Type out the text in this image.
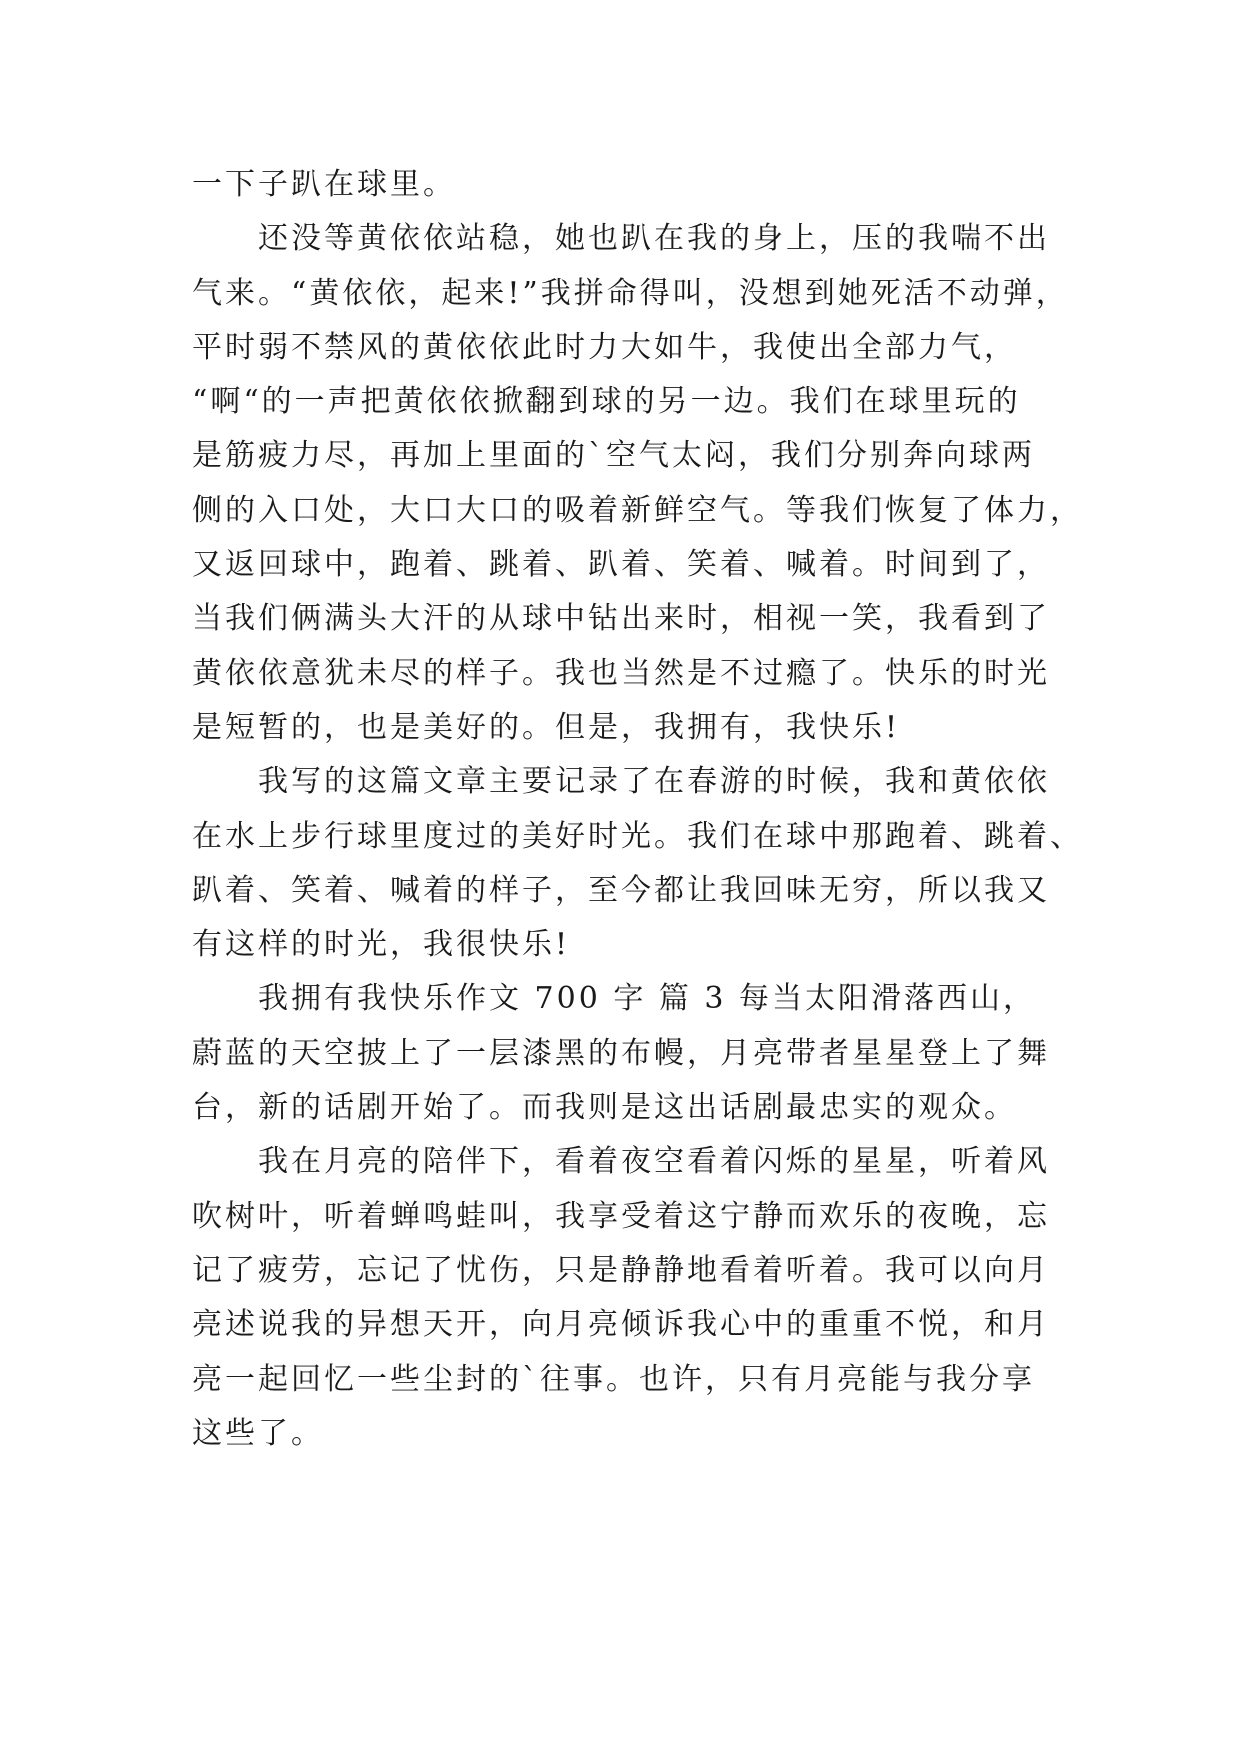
一下子趴在球里。
还没等黄依依站稳，她也趴在我的身上，压的我喘不出
气来。“黄依依，起来!”我拼命得叫，没想到她死活不动弹，
平时弱不禁风的黄依依此时力大如牛，我使出全部力气，
“啊“的一声把黄依依掀翻到球的另一边。我们在球里玩的
是筋疲力尽，再加上里面的`空气太闷，我们分别奔向球两
侧的入口处，大口大口的吸着新鲜空气。等我们恢复了体力，
又返回球中，跑着、跳着、趴着、笑着、喊着。时间到了，
当我们俩满头大汗的从球中钻出来时，相视一笑，我看到了
黄依依意犹未尽的样子。我也当然是不过瘾了。快乐的时光
是短暂的，也是美好的。但是，我拥有，我快乐!
我写的这篇文章主要记录了在春游的时候，我和黄依依
在水上步行球里度过的美好时光。我们在球中那跑着、跳着、
趴着、笑着、喊着的样子，至今都让我回味无穷，所以我又
有这样的时光，我很快乐!
我拥有我快乐作文 700 字 篇 3 每当太阳滑落西山，
蔚蓝的天空披上了一层漆黑的布幔，月亮带者星星登上了舞
台，新的话剧开始了。而我则是这出话剧最忠实的观众。
我在月亮的陪伴下，看着夜空看着闪烁的星星，听着风
吹树叶，听着蝉鸣蛙叫，我享受着这宁静而欢乐的夜晚，忘
记了疲劳，忘记了忧伤，只是静静地看着听着。我可以向月
亮述说我的异想天开，向月亮倾诉我心中的重重不悦，和月
亮一起回忆一些尘封的`往事。也许，只有月亮能与我分享
这些了。
